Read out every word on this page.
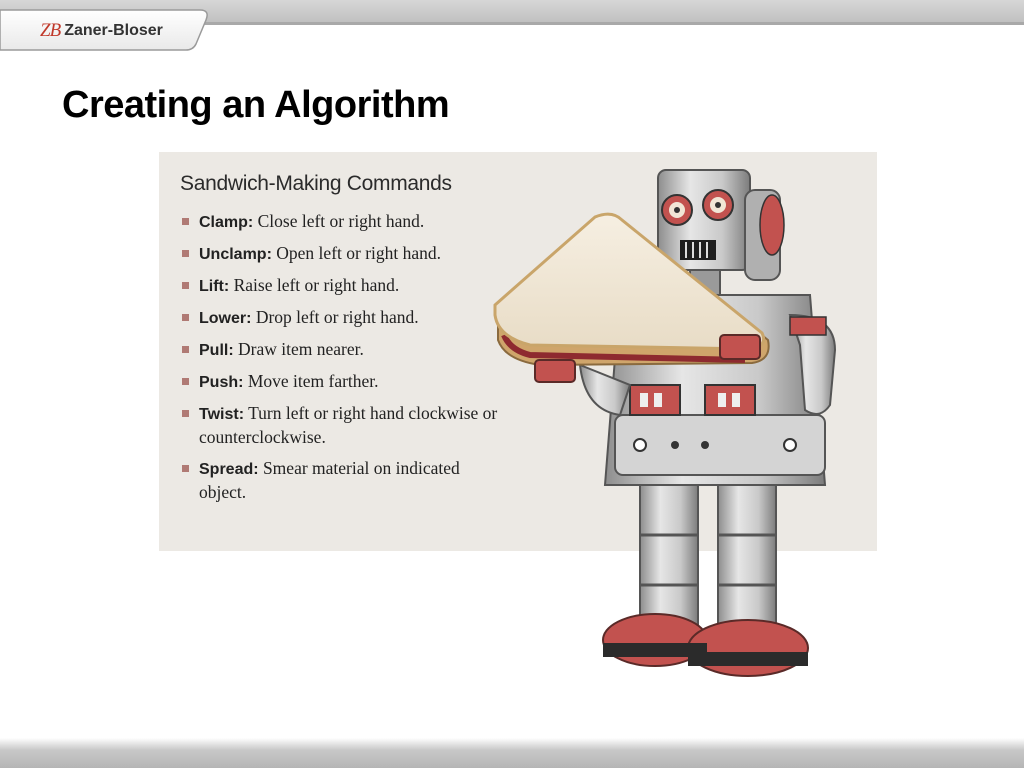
ZB Zaner-Bloser
Creating an Algorithm
Sandwich-Making Commands
Clamp: Close left or right hand.
Unclamp: Open left or right hand.
Lift: Raise left or right hand.
Lower: Drop left or right hand.
Pull: Draw item nearer.
Push: Move item farther.
Twist: Turn left or right hand clockwise or counterclockwise.
Spread: Smear material on indicated object.
